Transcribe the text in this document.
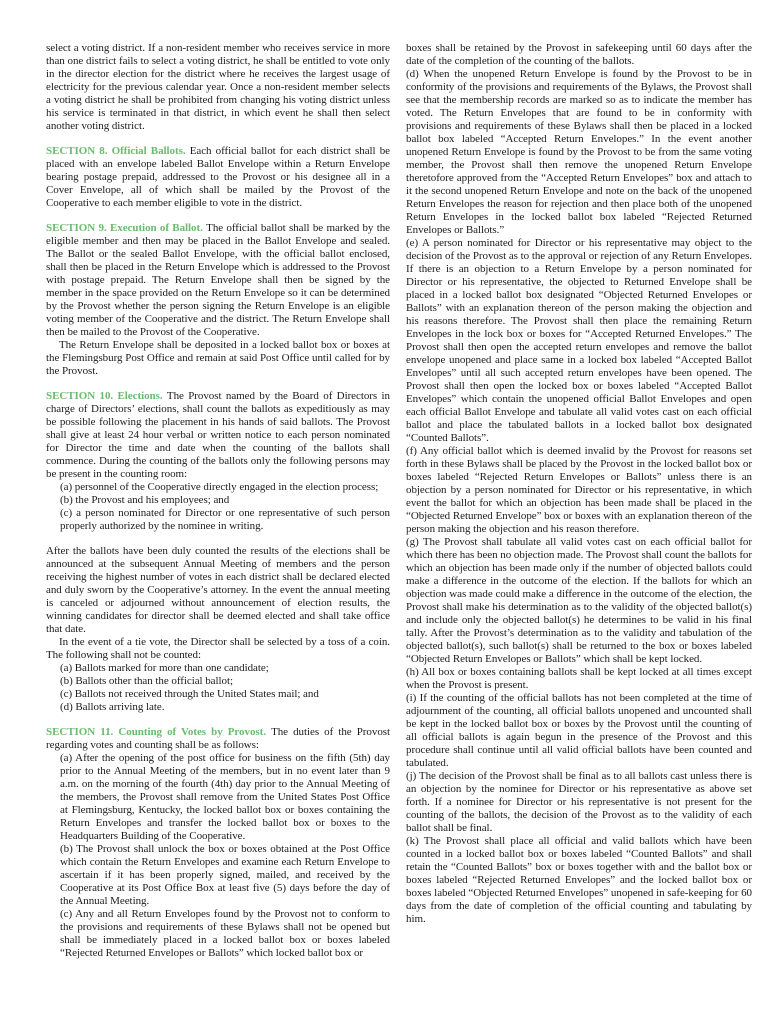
select a voting district. If a non-resident member who receives service in more than one district fails to select a voting district, he shall be entitled to vote only in the director election for the district where he receives the largest usage of electricity for the previous calendar year. Once a non-resident member selects a voting district he shall be prohibited from changing his voting district unless his service is terminated in that district, in which event he shall then select another voting district.

SECTION 8. Official Ballots. Each official ballot for each district shall be placed with an envelope labeled Ballot Envelope within a Return Envelope bearing postage prepaid, addressed to the Provost or his designee all in a Cover Envelope, all of which shall be mailed by the Provost of the Cooperative to each member eligible to vote in the district.

SECTION 9. Execution of Ballot. The official ballot shall be marked by the eligible member and then may be placed in the Ballot Envelope and sealed. The Ballot or the sealed Ballot Envelope, with the official ballot enclosed, shall then be placed in the Return Envelope which is addressed to the Provost with postage prepaid. The Return Envelope shall then be signed by the member in the space provided on the Return Envelope so it can be determined by the Provost whether the person signing the Return Envelope is an eligible voting member of the Cooperative and the district. The Return Envelope shall then be mailed to the Provost of the Cooperative.

The Return Envelope shall be deposited in a locked ballot box or boxes at the Flemingsburg Post Office and remain at said Post Office until called for by the Provost.

SECTION 10. Elections. The Provost named by the Board of Directors in charge of Directors’ elections, shall count the ballots as expeditiously as may be possible following the placement in his hands of said ballots. The Provost shall give at least 24 hour verbal or written notice to each person nominated for Director the time and date when the counting of the ballots shall commence. During the counting of the ballots only the following persons may be present in the counting room:

(a) personnel of the Cooperative directly engaged in the election process;

(b) the Provost and his employees; and

(c) a person nominated for Director or one representative of such person properly authorized by the nominee in writing.

After the ballots have been duly counted the results of the elections shall be announced at the subsequent Annual Meeting of members and the person receiving the highest number of votes in each district shall be declared elected and duly sworn by the Cooperative’s attorney. In the event the annual meeting is canceled or adjourned without announcement of election results, the winning candidates for director shall be deemed elected and shall take office that date.

In the event of a tie vote, the Director shall be selected by a toss of a coin. The following shall not be counted:

(a) Ballots marked for more than one candidate;

(b) Ballots other than the official ballot;

(c) Ballots not received through the United States mail; and

(d) Ballots arriving late.

SECTION 11. Counting of Votes by Provost. The duties of the Provost regarding votes and counting shall be as follows:

(a) After the opening of the post office for business on the fifth (5th) day prior to the Annual Meeting of the members, but in no event later than 9 a.m. on the morning of the fourth (4th) day prior to the Annual Meeting of the members, the Provost shall remove from the United States Post Office at Flemingsburg, Kentucky, the locked ballot box or boxes containing the Return Envelopes and transfer the locked ballot box or boxes to the Headquarters Building of the Cooperative.

(b) The Provost shall unlock the box or boxes obtained at the Post Office which contain the Return Envelopes and examine each Return Envelope to ascertain if it has been properly signed, mailed, and received by the Cooperative at its Post Office Box at least five (5) days before the day of the Annual Meeting.

(c) Any and all Return Envelopes found by the Provost not to conform to the provisions and requirements of these Bylaws shall not be opened but shall be immediately placed in a locked ballot box or boxes labeled “Rejected Returned Envelopes or Ballots” which locked ballot box or

boxes shall be retained by the Provost in safekeeping until 60 days after the date of the completion of the counting of the ballots.

(d) When the unopened Return Envelope is found by the Provost to be in conformity of the provisions and requirements of the Bylaws, the Provost shall see that the membership records are marked so as to indicate the member has voted. The Return Envelopes that are found to be in conformity with provisions and requirements of these Bylaws shall then be placed in a locked ballot box labeled “Accepted Return Envelopes.” In the event another unopened Return Envelope is found by the Provost to be from the same voting member, the Provost shall then remove the unopened Return Envelope theretofore approved from the “Accepted Return Envelopes” box and attach to it the second unopened Return Envelope and note on the back of the unopened Return Envelopes the reason for rejection and then place both of the unopened Return Envelopes in the locked ballot box labeled “Rejected Returned Envelopes or Ballots.”

(e) A person nominated for Director or his representative may object to the decision of the Provost as to the approval or rejection of any Return Envelopes. If there is an objection to a Return Envelope by a person nominated for Director or his representative, the objected to Returned Envelope shall be placed in a locked ballot box designated “Objected Returned Envelopes or Ballots” with an explanation thereon of the person making the objection and his reasons therefore. The Provost shall then place the remaining Return Envelopes in the lock box or boxes for “Accepted Returned Envelopes.” The Provost shall then open the accepted return envelopes and remove the ballot envelope unopened and place same in a locked box labeled “Accepted Ballot Envelopes” until all such accepted return envelopes have been opened. The Provost shall then open the locked box or boxes labeled “Accepted Ballot Envelopes” which contain the unopened official Ballot Envelopes and open each official Ballot Envelope and tabulate all valid votes cast on each official ballot and place the tabulated ballots in a locked ballot box designated “Counted Ballots”.

(f) Any official ballot which is deemed invalid by the Provost for reasons set forth in these Bylaws shall be placed by the Provost in the locked ballot box or boxes labeled “Rejected Return Envelopes or Ballots” unless there is an objection by a person nominated for Director or his representative, in which event the ballot for which an objection has been made shall be placed in the “Objected Returned Envelope” box or boxes with an explanation thereon of the person making the objection and his reason therefore.

(g) The Provost shall tabulate all valid votes cast on each official ballot for which there has been no objection made. The Provost shall count the ballots for which an objection has been made only if the number of objected ballots could make a difference in the outcome of the election. If the ballots for which an objection was made could make a difference in the outcome of the election, the Provost shall make his determination as to the validity of the objected ballot(s) and include only the objected ballot(s) he determines to be valid in his final tally. After the Provost’s determination as to the validity and tabulation of the objected ballot(s), such ballot(s) shall be returned to the box or boxes labeled “Objected Return Envelopes or Ballots” which shall be kept locked.

(h) All box or boxes containing ballots shall be kept locked at all times except when the Provost is present.

(i) If the counting of the official ballots has not been completed at the time of adjournment of the counting, all official ballots unopened and uncounted shall be kept in the locked ballot box or boxes by the Provost until the counting of all official ballots is again begun in the presence of the Provost and this procedure shall continue until all valid official ballots have been counted and tabulated.

(j) The decision of the Provost shall be final as to all ballots cast unless there is an objection by the nominee for Director or his representative as above set forth. If a nominee for Director or his representative is not present for the counting of the ballots, the decision of the Provost as to the validity of each ballot shall be final.

(k) The Provost shall place all official and valid ballots which have been counted in a locked ballot box or boxes labeled “Counted Ballots” and shall retain the “Counted Ballots” box or boxes together with and the ballot box or boxes labeled “Rejected Returned Envelopes” and the locked ballot box or boxes labeled “Objected Returned Envelopes” unopened in safe-keeping for 60 days from the date of completion of the official counting and tabulating by him.
